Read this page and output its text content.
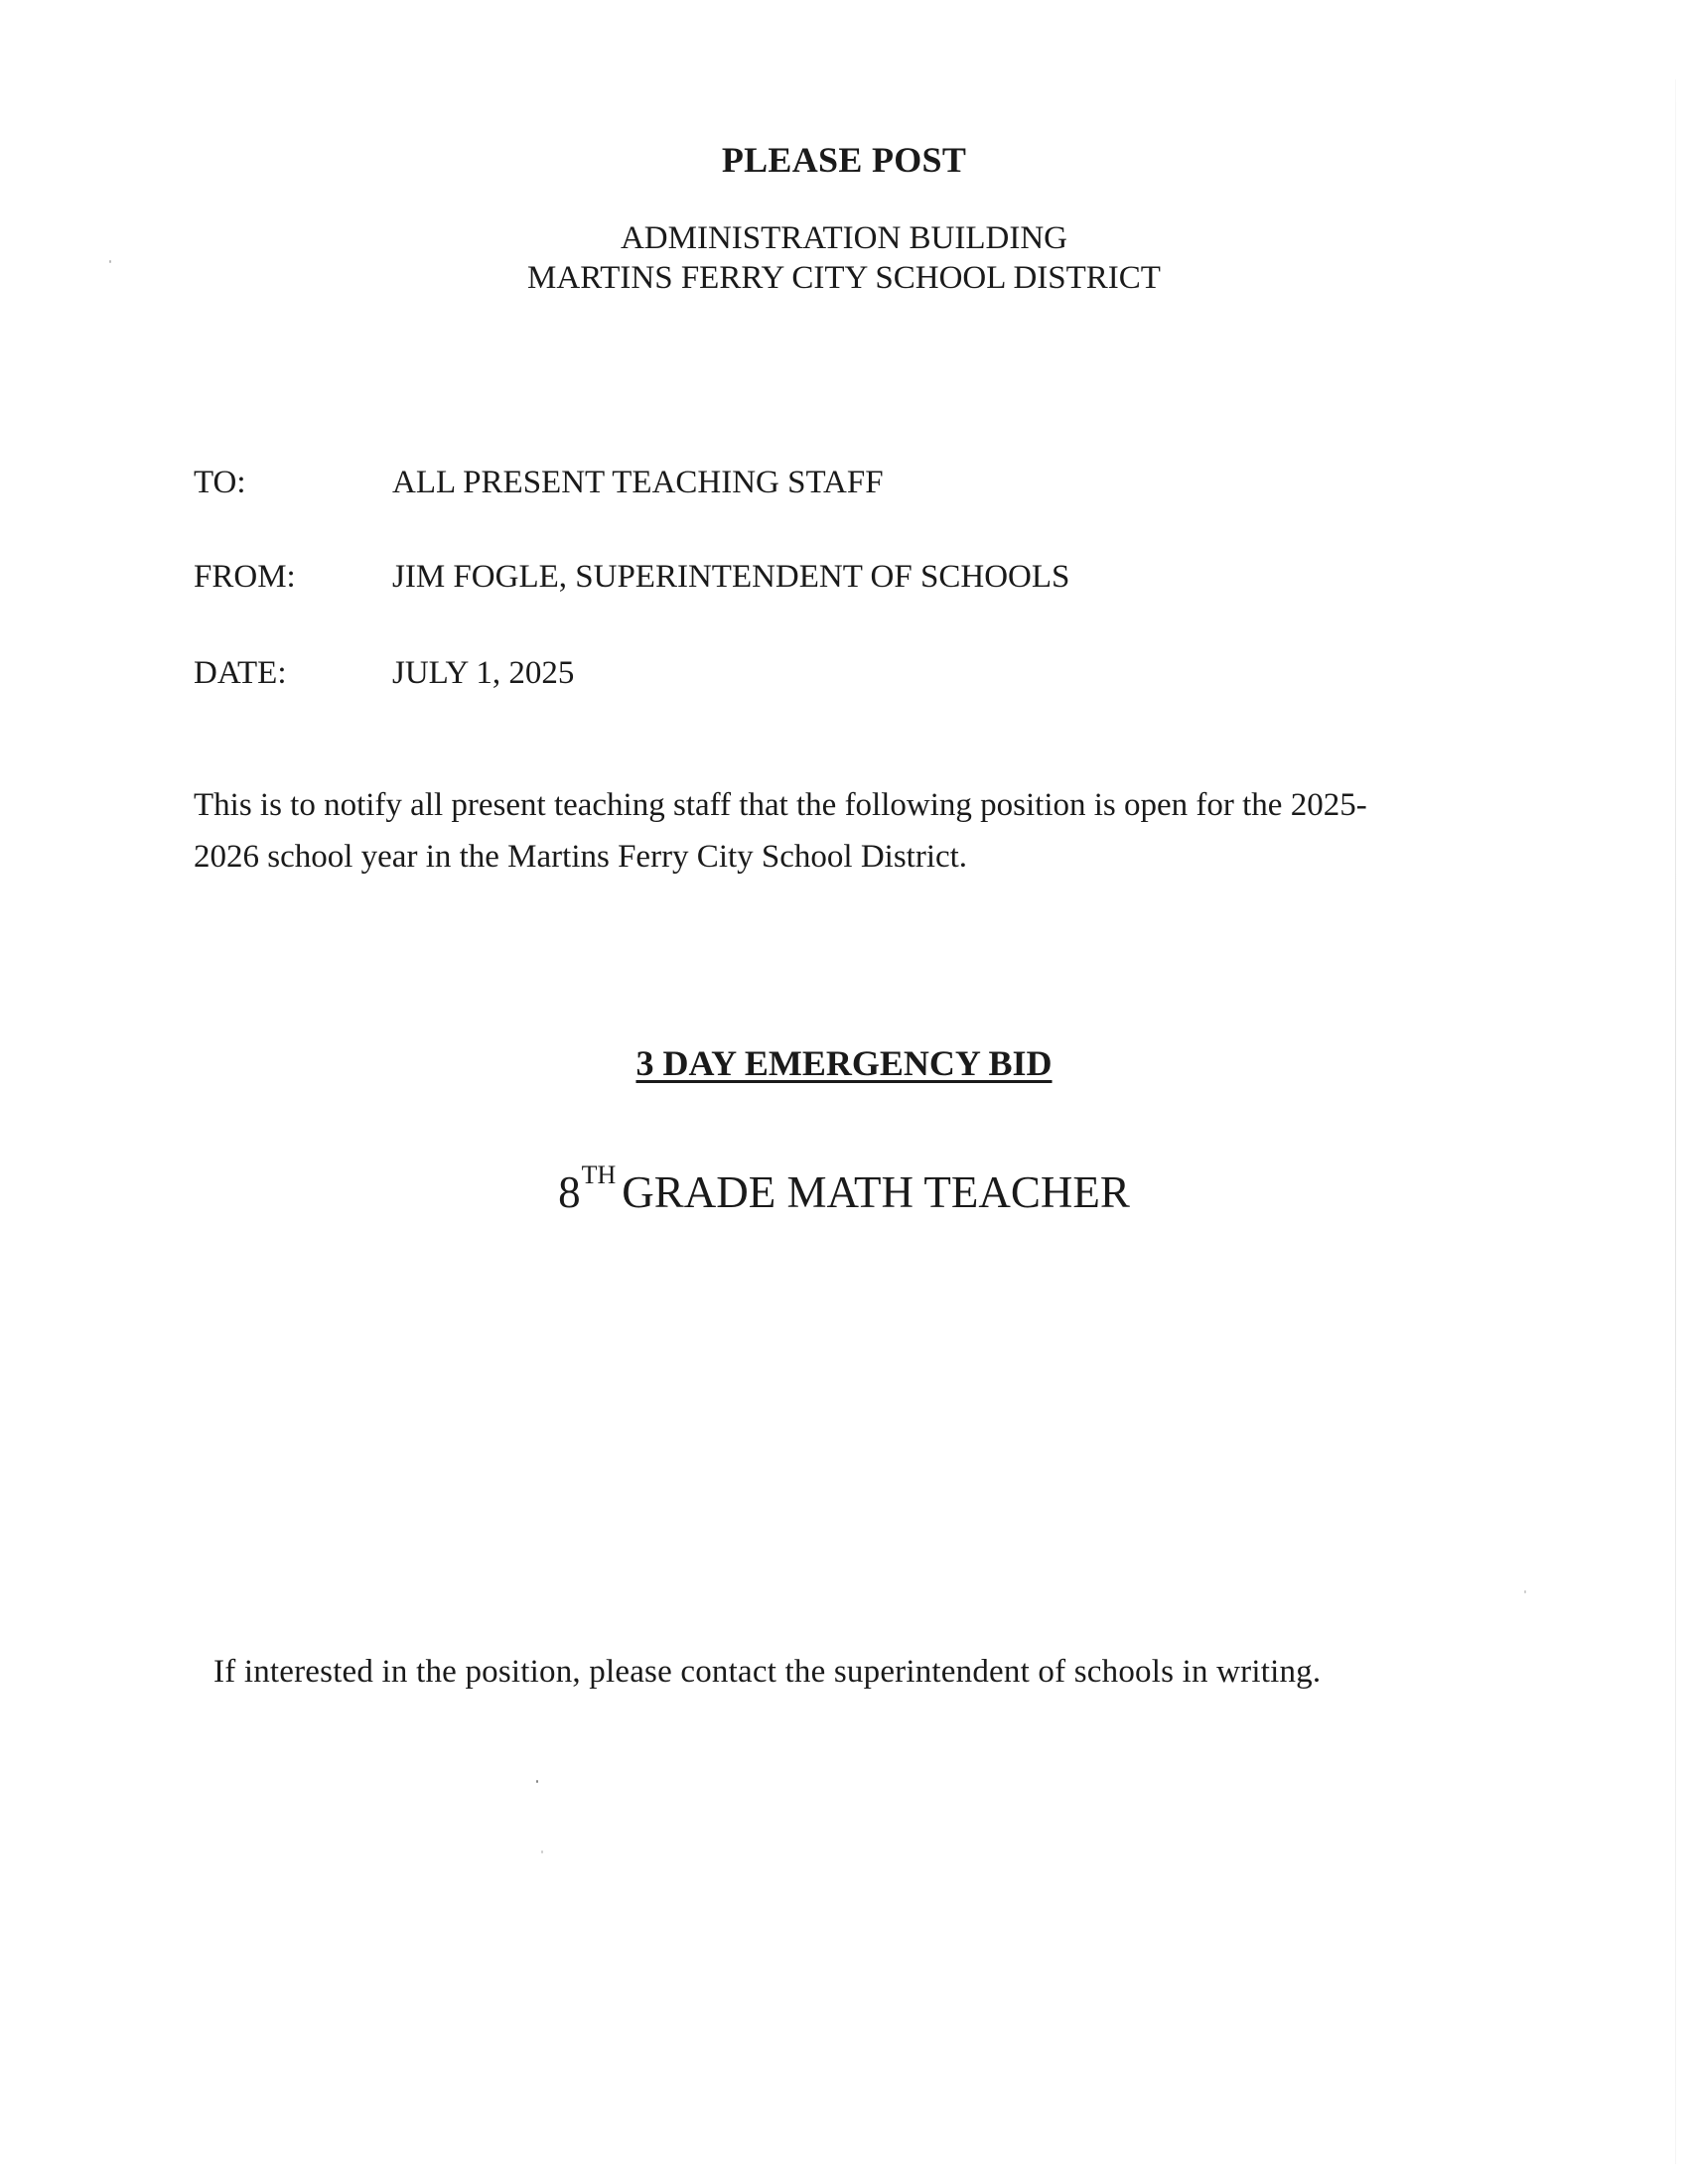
PLEASE POST
ADMINISTRATION BUILDING
MARTINS FERRY CITY SCHOOL DISTRICT
TO:	ALL PRESENT TEACHING STAFF
FROM:	JIM FOGLE, SUPERINTENDENT OF SCHOOLS
DATE:	JULY 1, 2025
This is to notify all present teaching staff that the following position is open for the 2025-
2026 school year in the Martins Ferry City School District.
3 DAY EMERGENCY BID
8TH GRADE MATH TEACHER
If interested in the position, please contact the superintendent of schools in writing.
